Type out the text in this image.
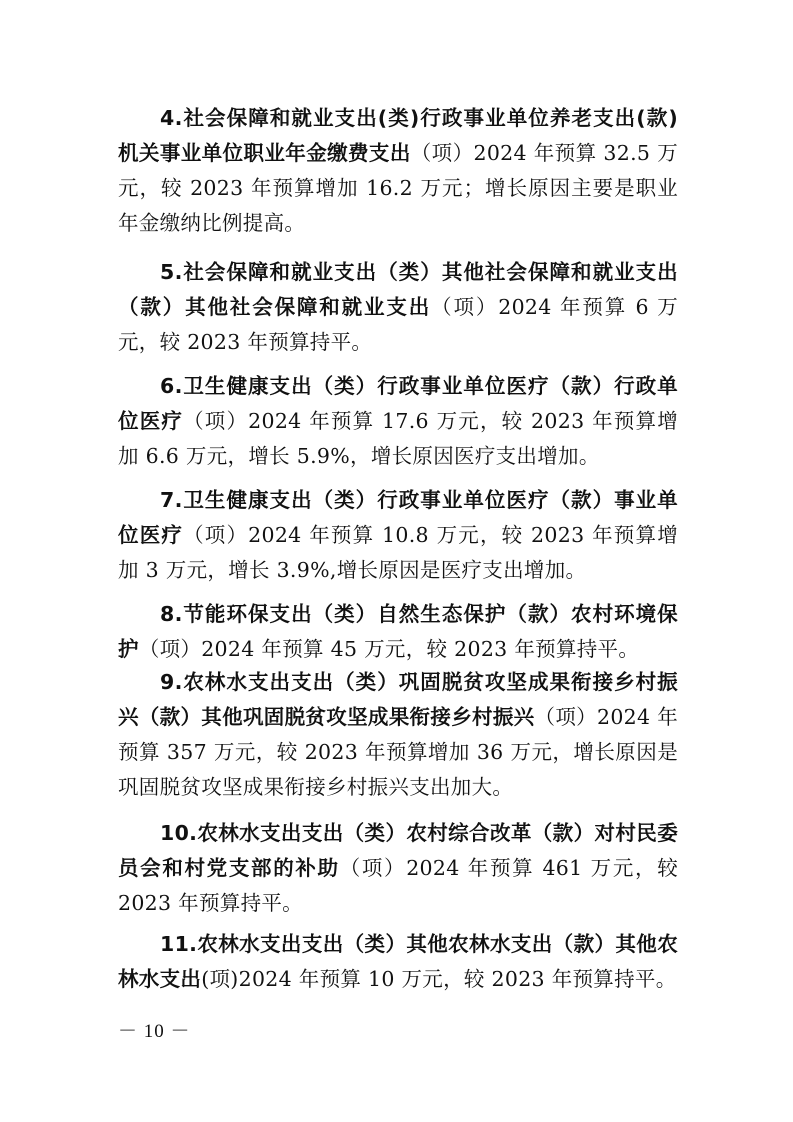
4.社会保障和就业支出(类)行政事业单位养老支出(款)机关事业单位职业年金缴费支出（项）2024 年预算 32.5 万元，较 2023 年预算增加 16.2 万元；增长原因主要是职业年金缴纳比例提高。

5.社会保障和就业支出（类）其他社会保障和就业支出（款）其他社会保障和就业支出（项）2024 年预算 6 万元，较 2023 年预算持平。

6.卫生健康支出（类）行政事业单位医疗（款）行政单位医疗（项）2024 年预算 17.6 万元，较 2023 年预算增加 6.6 万元，增长 5.9%，增长原因医疗支出增加。

7.卫生健康支出（类）行政事业单位医疗（款）事业单位医疗（项）2024 年预算 10.8 万元，较 2023 年预算增加 3 万元，增长 3.9%,增长原因是医疗支出增加。

8.节能环保支出（类）自然生态保护（款）农村环境保护（项）2024 年预算 45 万元，较 2023 年预算持平。

9.农林水支出支出（类）巩固脱贫攻坚成果衔接乡村振兴（款）其他巩固脱贫攻坚成果衔接乡村振兴（项）2024 年预算 357 万元，较 2023 年预算增加 36 万元，增长原因是巩固脱贫攻坚成果衔接乡村振兴支出加大。

10.农林水支出支出（类）农村综合改革（款）对村民委员会和村党支部的补助（项）2024 年预算 461 万元，较 2023 年预算持平。

11.农林水支出支出（类）其他农林水支出（款）其他农林水支出(项)2024 年预算 10 万元，较 2023 年预算持平。

－ 10 －
